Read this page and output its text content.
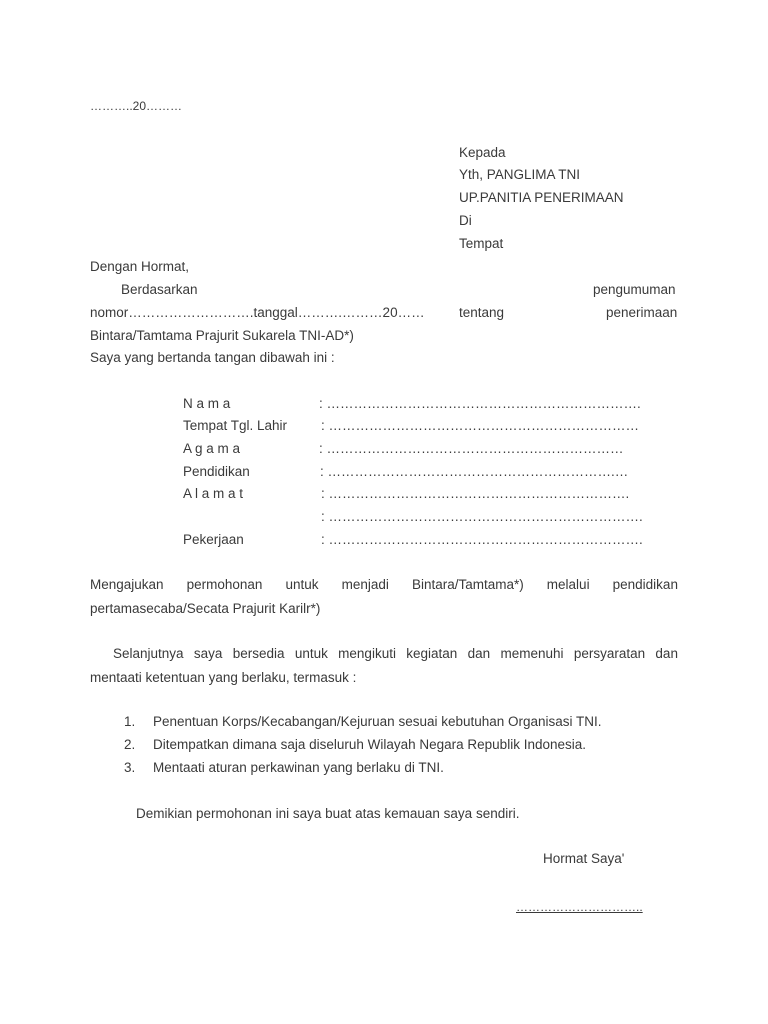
………..20………
Kepada
Yth, PANGLIMA TNI
UP.PANITIA PENERIMAAN
Di
Tempat
Dengan Hormat,
Berdasarkan	pengumuman
nomor……………………….tanggal……….………20……	tentang	penerimaan
Bintara/Tamtama Prajurit Sukarela TNI-AD*)
Saya yang bertanda tangan dibawah ini :
N a m a	: …………………………………………………………….
Tempat Tgl. Lahir	: ……………………………………………………………
A g a m a	: …………………………………………………………
Pendidikan	: ……………………………………………………….…
A l a m a t	: ………………………………………………………….
: …………………………………………………………….
Pekerjaan	: …………………………………………………………….
Mengajukan permohonan untuk menjadi Bintara/Tamtama*) melalui pendidikan
pertamasecaba/Secata Prajurit Karilr*)
Selanjutnya saya bersedia untuk mengikuti kegiatan dan memenuhi persyaratan dan
mentaati ketentuan yang berlaku, termasuk :
1. Penentuan Korps/Kecabangan/Kejuruan sesuai kebutuhan Organisasi TNI.
2. Ditempatkan dimana saja diseluruh Wilayah Negara Republik Indonesia.
3. Mentaati aturan perkawinan yang berlaku di TNI.
Demikian permohonan ini saya buat atas kemauan saya sendiri.
Hormat Saya'
…………………………..
